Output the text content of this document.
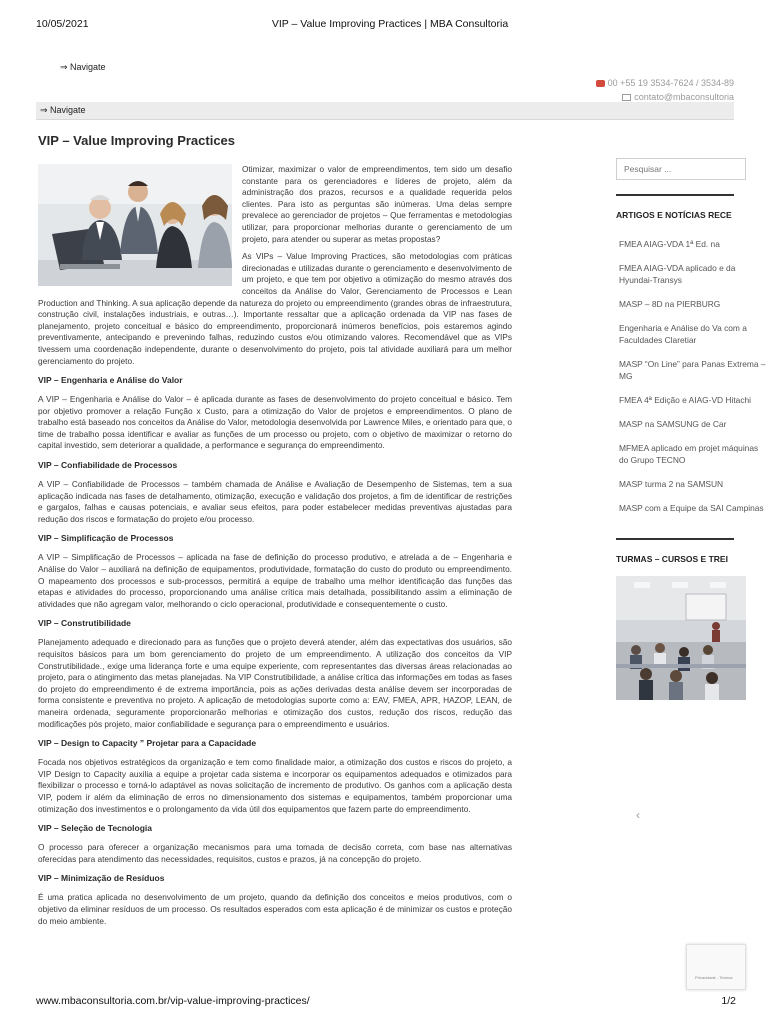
10/05/2021	VIP – Value Improving Practices | MBA Consultoria
⇒ Navigate
00 +55 19 3534-7624 / 3534-89
contato@mbaconsultoria
⇒ Navigate
VIP – Value Improving Practices

Otimizar, maximizar o valor de empreendimentos, tem sido um desafio constante para os gerenciadores e líderes de projeto, além da administração dos prazos, recursos e a qualidade requerida pelos clientes. Para isto as perguntas são inúmeras. Uma delas sempre prevalece ao gerenciador de projetos – Que ferramentas e metodologias utilizar, para proporcionar melhorias durante o gerenciamento de um projeto, para atender ou superar as metas propostas?

As VIPs – Value Improving Practices, são metodologias com práticas direcionadas e utilizadas durante o gerenciamento e desenvolvimento de um projeto, e que tem por objetivo a otimização do mesmo através dos conceitos da Análise do Valor, Gerenciamento de Processos e Lean Production and Thinking. A sua aplicação depende da natureza do projeto ou empreendimento (grandes obras de infraestrutura, construção civil, instalações industriais, e outras…). Importante ressaltar que a aplicação ordenada da VIP nas fases de planejamento, projeto conceitual e básico do empreendimento, proporcionará inúmeros benefícios, pois estaremos agindo preventivamente, antecipando e prevenindo falhas, reduzindo custos e/ou otimizando valores. Recomendável que as VIPs tivessem uma coordenação independente, durante o desenvolvimento do projeto, pois tal atividade auxiliará para um melhor gerenciamento do projeto.

VIP – Engenharia e Análise do Valor

A VIP – Engenharia e Análise do Valor – é aplicada durante as fases de desenvolvimento do projeto conceitual e básico. Tem por objetivo promover a relação Função x Custo, para a otimização do Valor de projetos e empreendimentos. O plano de trabalho está baseado nos conceitos da Análise do Valor, metodologia desenvolvida por Lawrence Miles, e orientado para que, o time de trabalho possa identificar e avaliar as funções de um processo ou projeto, com o objetivo de maximizar o retorno do capital investido, sem deteriorar a qualidade, a performance e segurança do empreendimento.

VIP – Confiabilidade de Processos

A VIP – Confiabilidade de Processos – também chamada de Análise e Avaliação de Desempenho de Sistemas, tem a sua aplicação indicada nas fases de detalhamento, otimização, execução e validação dos projetos, a fim de identificar de restrições e gargalos, falhas e causas potenciais, e avaliar seus efeitos, para poder estabelecer medidas preventivas ajustadas para redução dos riscos e formatação do projeto e/ou processo.

VIP – Simplificação de Processos

A VIP – Simplificação de Processos – aplicada na fase de definição do processo produtivo, e atrelada a de – Engenharia e Análise do Valor – auxiliará na definição de equipamentos, produtividade, formatação do custo do produto ou empreendimento. O mapeamento dos processos e sub-processos, permitirá a equipe de trabalho uma melhor identificação das funções das etapas e atividades do processo, proporcionando uma análise crítica mais detalhada, possibilitando assim a eliminação de atividades que não agregam valor, melhorando o ciclo operacional, produtividade e consequentemente o custo.

VIP – Construtibilidade

Planejamento adequado e direcionado para as funções que o projeto deverá atender, além das expectativas dos usuários, são requisitos básicos para um bom gerenciamento do projeto de um empreendimento. A utilização dos conceitos da VIP Construtibilidade., exige uma liderança forte e uma equipe experiente, com representantes das diversas áreas relacionadas ao projeto, para o atingimento das metas planejadas. Na VIP Construtibilidade, a análise crítica das informações em todas as fases do projeto do empreendimento é de extrema importância, pois as ações derivadas desta análise devem ser incorporadas de forma consistente e preventiva no projeto. A aplicação de metodologias suporte como a: EAV, FMEA, APR, HAZOP, LEAN, de maneira ordenada, seguramente proporcionarão melhorias e otimização dos custos, redução dos riscos, redução das modificações pós projeto, maior confiabilidade e segurança para o empreendimento e usuários.

VIP – Design to Capacity ” Projetar para a Capacidade

Focada nos objetivos estratégicos da organização e tem como finalidade maior, a otimização dos custos e riscos do projeto, a VIP Design to Capacity auxilia a equipe a projetar cada sistema e incorporar os equipamentos adequados e otimizados para flexibilizar o processo e torná-lo adaptável as novas solicitação de incremento de produtivo. Os ganhos com a aplicação desta VIP, podem ir além da eliminação de erros no dimensionamento dos sistemas e equipamentos, também proporcionar uma otimização dos investimentos e o prolongamento da vida útil dos equipamentos que fazem parte do empreendimento.

VIP – Seleção de Tecnologia

O processo para oferecer a organização mecanismos para uma tomada de decisão correta, com base nas alternativas oferecidas para atendimento das necessidades, requisitos, custos e prazos, já na concepção do projeto.

VIP – Minimização de Resíduos

É uma pratica aplicada no desenvolvimento de um projeto, quando da definição dos conceitos e meios produtivos, com o objetivo da eliminar resíduos de um processo. Os resultados esperados com esta aplicação é de minimizar os custos e proteção do meio ambiente.

Pesquisar ...
ARTIGOS E NOTÍCIAS RECE
FMEA AIAG-VDA 1ª Ed. na
FMEA AIAG-VDA aplicado e da Hyundai-Transys
MASP – 8D na PIERBURG
Engenharia e Análise do Va com a Faculdades Claretiar
MASP “On Line” para Panas Extrema – MG
FMEA 4ª Edição e AIAG-VD Hitachi
MASP na SAMSUNG de Car
MFMEA aplicado em projet máquinas do Grupo TECNO
MASP turma 2 na SAMSUN
MASP com a Equipe da SAI Campinas
TURMAS – CURSOS E TREI
‹
Privacidade - Termos
www.mbaconsultoria.com.br/vip-value-improving-practices/	1/2
